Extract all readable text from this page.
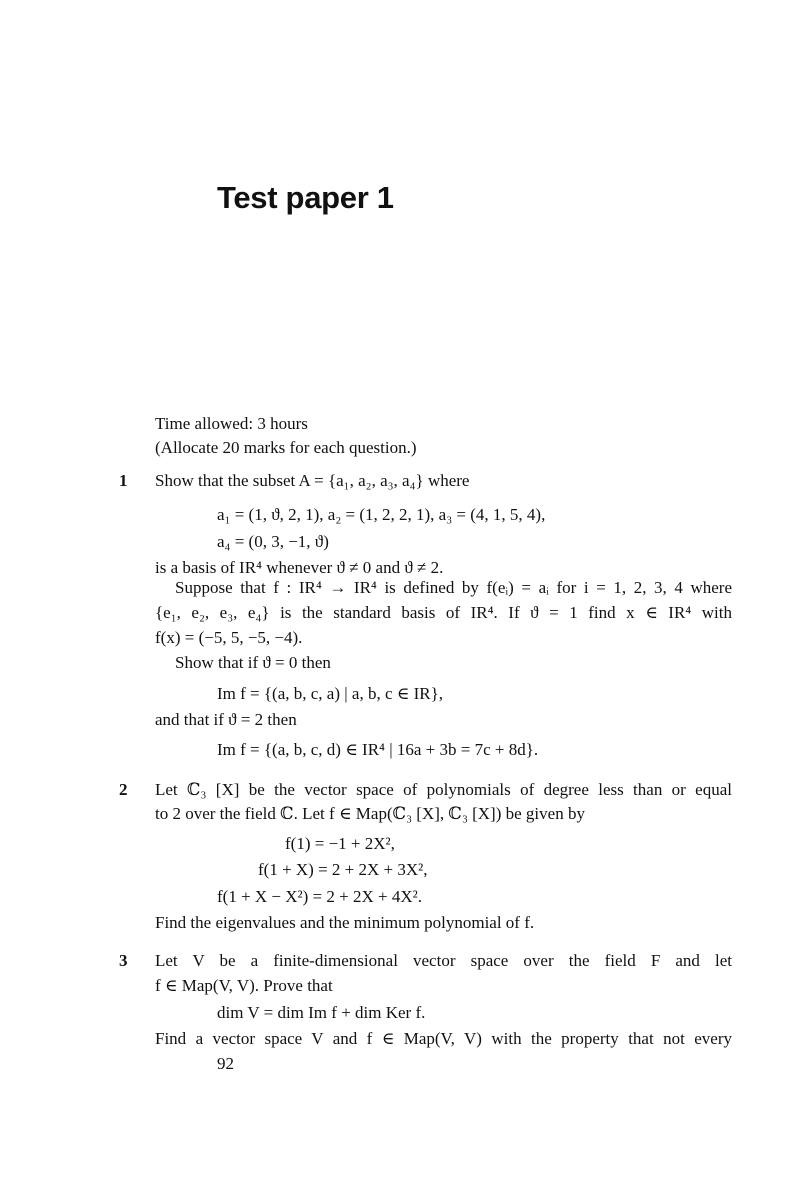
Test paper 1
Time allowed: 3 hours
(Allocate 20 marks for each question.)
1 Show that the subset A = {a₁, a₂, a₃, a₄} where
a₁ = (1, ϑ, 2, 1), a₂ = (1, 2, 2, 1), a₃ = (4, 1, 5, 4),
a₄ = (0, 3, −1, ϑ)
is a basis of IR⁴ whenever ϑ ≠ 0 and ϑ ≠ 2.
Suppose that f : IR⁴ → IR⁴ is defined by f(eᵢ) = aᵢ for i = 1, 2, 3, 4 where
{e₁, e₂, e₃, e₄} is the standard basis of IR⁴. If ϑ = 1 find x ∈ IR⁴ with
f(x) = (−5, 5, −5, −4).
Show that if ϑ = 0 then
Im f = {(a, b, c, a) | a, b, c ∈ IR},
and that if ϑ = 2 then
Im f = {(a, b, c, d) ∈ IR⁴ | 16a + 3b = 7c + 8d}.
2 Let ℂ₃ [X] be the vector space of polynomials of degree less than or equal
to 2 over the field ℂ. Let f ∈ Map(ℂ₃ [X], ℂ₃ [X]) be given by
f(1) = −1 + 2X²,
f(1 + X) = 2 + 2X + 3X²,
f(1 + X − X²) = 2 + 2X + 4X².
Find the eigenvalues and the minimum polynomial of f.
3 Let V be a finite-dimensional vector space over the field F and let
f ∈ Map(V, V). Prove that
dim V = dim Im f + dim Ker f.
Find a vector space V and f ∈ Map(V, V) with the property that not every
92
